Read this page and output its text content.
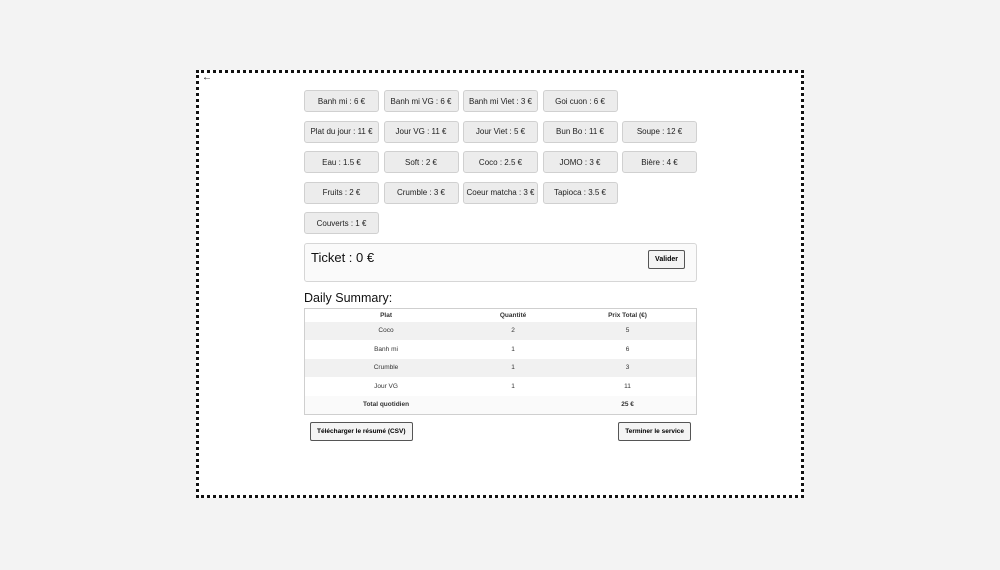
←
Banh mi : 6 €	Banh mi VG : 6 €	Banh mi Viet : 3 €	Goi cuon : 6 €
Plat du jour : 11 €	Jour VG : 11 €	Jour Viet : 5 €	Bun Bo : 11 €	Soupe : 12 €
Eau : 1.5 €	Soft : 2 €	Coco : 2.5 €	JOMO : 3 €	Bière : 4 €
Fruits : 2 €	Crumble : 3 €	Coeur matcha : 3 €	Tapioca : 3.5 €
Couverts : 1 €
Ticket : 0 €	Valider
Daily Summary:
Plat	Quantité	Prix Total (€)
Coco	2	5
Banh mi	1	6
Crumble	1	3
Jour VG	1	11
Total quotidien		25 €
Télécharger le résumé (CSV)	Terminer le service
